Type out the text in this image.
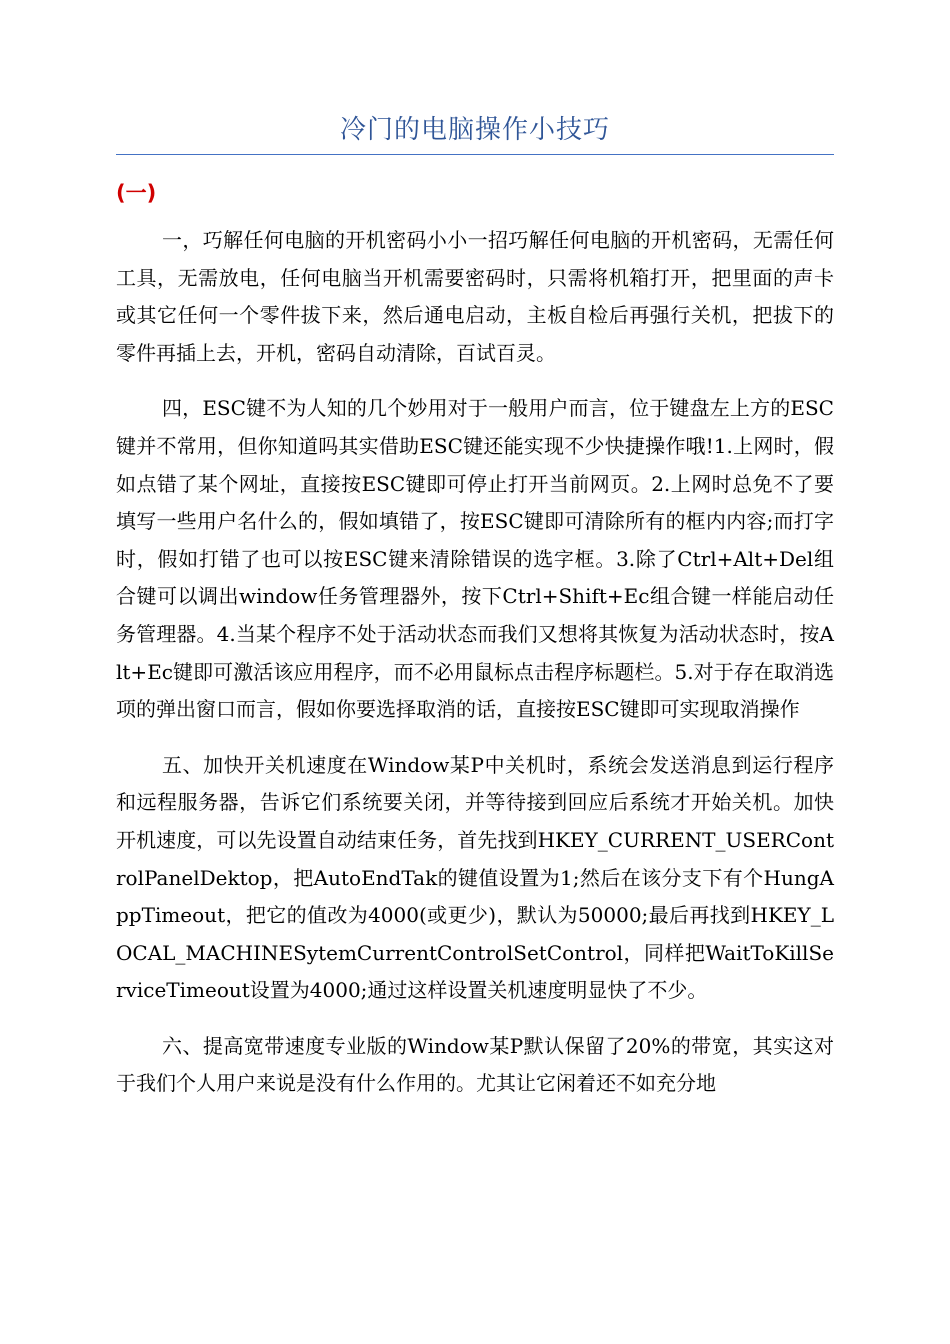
冷门的电脑操作小技巧
(一)

一，巧解任何电脑的开机密码小小一招巧解任何电脑的开机密码，无需任何工具，无需放电，任何电脑当开机需要密码时，只需将机箱打开，把里面的声卡或其它任何一个零件拔下来，然后通电启动，主板自检后再强行关机，把拔下的零件再插上去，开机，密码自动清除，百试百灵。

四，ESC键不为人知的几个妙用对于一般用户而言，位于键盘左上方的ESC键并不常用，但你知道吗其实借助ESC键还能实现不少快捷操作哦!1.上网时，假如点错了某个网址，直接按ESC键即可停止打开当前网页。2.上网时总免不了要填写一些用户名什么的，假如填错了，按ESC键即可清除所有的框内内容;而打字时，假如打错了也可以按ESC键来清除错误的选字框。3.除了Ctrl+Alt+Del组合键可以调出window任务管理器外，按下Ctrl+Shift+Ec组合键一样能启动任务管理器。4.当某个程序不处于活动状态而我们又想将其恢复为活动状态时，按Alt+Ec键即可激活该应用程序，而不必用鼠标点击程序标题栏。5.对于存在取消选项的弹出窗口而言，假如你要选择取消的话，直接按ESC键即可实现取消操作

五、加快开关机速度在Window某P中关机时，系统会发送消息到运行程序和远程服务器，告诉它们系统要关闭，并等待接到回应后系统才开始关机。加快开机速度，可以先设置自动结束任务，首先找到HKEY_CURRENT_USERControlPanelDektop，把AutoEndTak的键值设置为1;然后在该分支下有个HungAppTimeout，把它的值改为4000(或更少)，默认为50000;最后再找到HKEY_LOCAL_MACHINESytemCurrentControlSetControl，同样把WaitToKillServiceTimeout设置为4000;通过这样设置关机速度明显快了不少。

六、提高宽带速度专业版的Window某P默认保留了20%的带宽，其实这对于我们个人用户来说是没有什么作用的。尤其让它闲着还不如充分地
